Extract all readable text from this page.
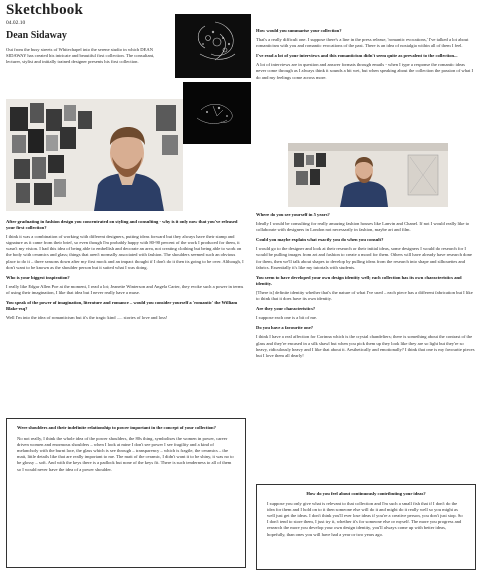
Sketchbook
04.02.10
Dean Sidaway
Out from the busy streets of Whitechapel into the serene studio in which DEAN SIDAWAY has created his intricate and beautiful first collection. The consultant, lecturer, stylist and initially trained designer presents his first collection.
After graduating in fashion design you concentrated on styling and consulting - why is it only now that you've released your first collection?
I think it was a combination of working with different designers, putting ideas forward but they always have their stamp and signature as it came from their brief, so even though I'm probably happy with 80-90 percent of the work I produced for them, it wasn't my vision. I had this idea of being able to embellish and decorate an area, not creating clothing but being able to work on the body with ceramics and glass; things that aren't normally associated with fashion. The shoulders seemed such an obvious place to do it – three seasons down after my first mock and an impact thought if I don't do it then its going to be over. Although, I don't want to be known as the shoulder person but it suited what I was doing.
Who is your biggest inspiration?
I really like Edgar Allen Poe at the moment, I read a lot; Jeanette Winterson and Angela Carter, they evoke such a power in terms of using their imagination, I like that idea but I never really have a muse.
You speak of the power of imagination, literature and romance – would you consider yourself a 'romantic' the William Blake-esq?
Well I'm into the idea of romanticism but it's the tragic kind ..... stories of love and loss!
Were shoulders and their indefinite relationship to power important in the concept of your collection?
No not really, I think the whole idea of the power shoulders, the 80s thing, symbolises the women in power, career driven women and enormous shoulders – when I look at mine I don't see power I see fragility and a kind of melancholy with the burnt lace, the glass which is see through – transparency – which is fragile, the ceramics – the matt, little details like that are really important to me. The matt of the ceramic, I didn't want it to be shiny, it was no to be glossy – soft. And with the keys there is a padlock but none of the keys fit. There is such tenderness to all of them so I would never have the idea of a power shoulder.
How would you summarise your collection?
That's a really difficult one. I suppose there's a line in the press release, 'romantic evocations,' I've talked a lot about romanticism with you and romantic evocations of the past. There is an idea of nostalgia within all of them I feel.
I've read a lot of your interviews and this romanticism didn't seem quite as prevalent to the collection...
A lot of interviews are in question and answer formats through emails - when I type a response the romantic ideas never come through as I always think it sounds a bit wet, but when speaking about the collection the passion of what I do and my feelings come across more.
Where do you see yourself in 5 years?
Ideally I would be consulting for really amazing fashion houses like Lanvin and Chanel. If not I would really like to collaborate with designers in London not necessarily in fashion, maybe art and film.
Could you maybe explain what exactly you do when you consult?
I would go to the designer and look at their research or their initial ideas, some designers I would do research for I would be pulling images from art and fashion to create a mood for them. Others will have already have research done for them, then we'll talk about shapes to develop by pulling ideas from the research into shape and silhouettes and fabrics. Essentially it's like my tutorials with students.
You seem to have developed your own design identity well; each collection has its own characteristics and identity.
[There is] definite identity whether that's the nature of what I've used – each piece has a different fabrication but I like to think that it does have its own identity.
Are they your characteristics?
I suppose each one is a bit of me.
Do you have a favourite one?
I think I have a real affection for Corinna which is the crystal chandeliers; there is something about the contrast of the glass and they're encased in a silk shawl but when you pick them up they look like they are so light but they're so heavy, ridiculously heavy and I like that about it. Aesthetically and emotionally? I think that one is my favourite pieces but I love them all dearly!
How do you feel about continuously contributing your ideas?
I suppose you only give what is relevant to that collection and I'm such a small fish that if I don't do the idea for them and I hold on to it then someone else will do it and might do it really well so you might as well just get the ideas. I don't think you'll ever lose ideas if you're a creative person, you don't just stop. So I don't tend to store them, I just try it, whether it's for someone else or myself. The more you progress and research the more you develop your own design identity, you'll always come up with better ideas, hopefully, than ones you will have had a year or two years ago.
